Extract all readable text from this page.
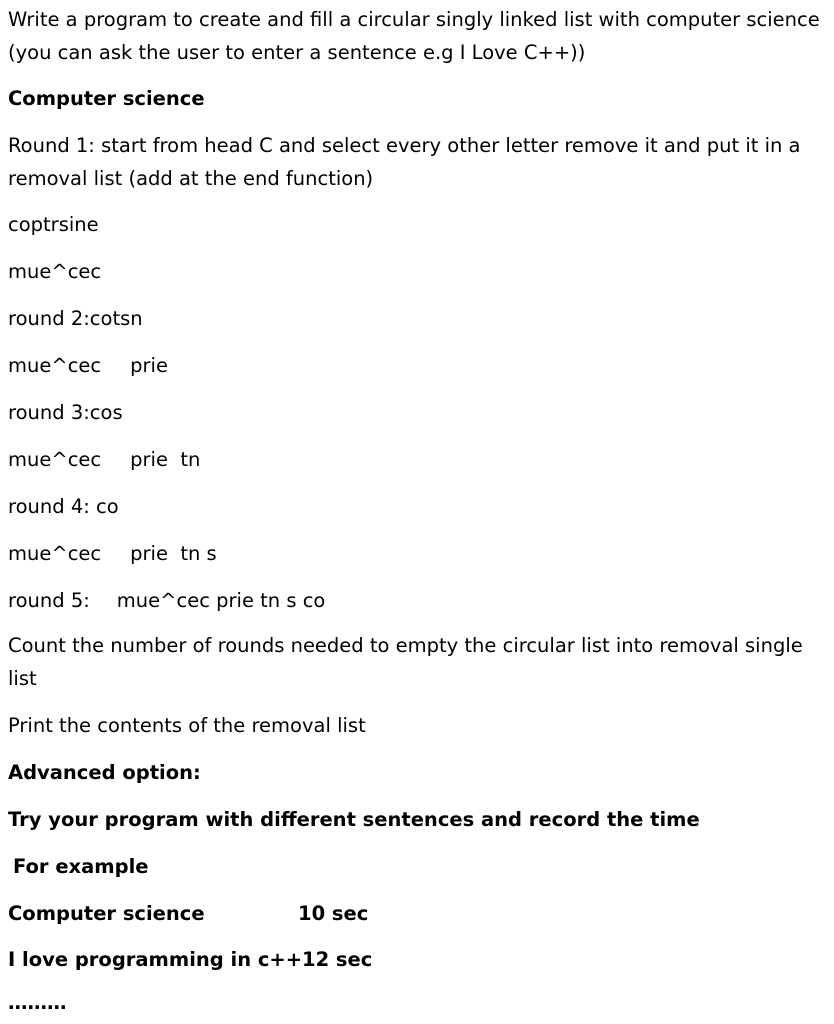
Write a program to create and fill a circular singly linked list with computer science (you can ask the user to enter a sentence e.g I Love C++))

Computer science

Round 1: start from head C and select every other letter remove it and put it in a removal list (add at the end function)

coptrsine

mue^cec

round 2:cotsn

mue^cec prie

round 3:cos

mue^cec prie  tn

round 4: co

mue^cec prie  tn s

round 5: mue^cec prie tn s co

Count the number of rounds needed to empty the circular list into removal single list

Print the contents of the removal list

Advanced option:

Try your program with different sentences and record the time

For example

Computer science	10 sec

I love programming in c++12 sec

………
